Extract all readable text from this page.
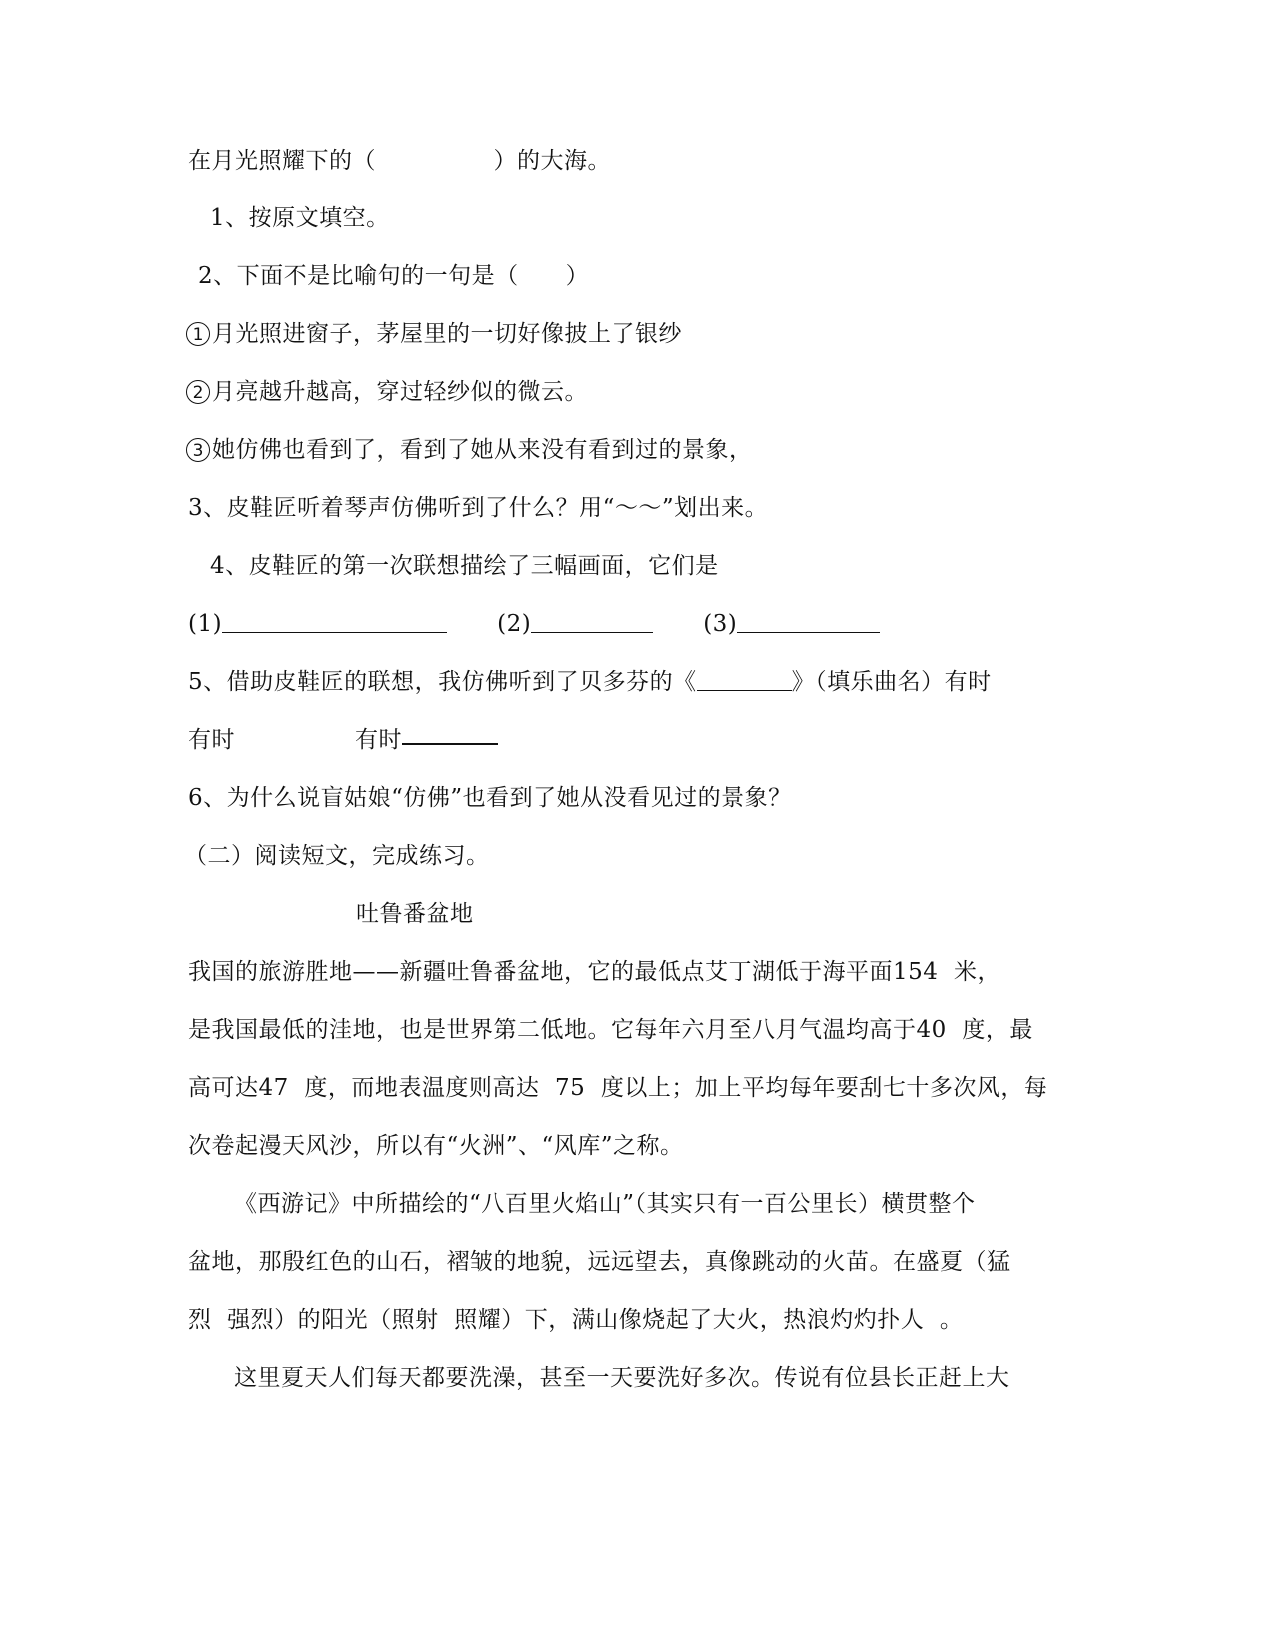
在月光照耀下的（　　　　　）的大海。
1、按原文填空。
2、下面不是比喻句的一句是（　　）
1 月光照进窗子，茅屋里的一切好像披上了银纱
2 月亮越升越高，穿过轻纱似的微云。
3 她仿佛也看到了，看到了她从来没有看到过的景象，
3、皮鞋匠听着琴声仿佛听到了什么？用“～～”划出来。
4、皮鞋匠的第一次联想描绘了三幅画面，它们是
(1)	(2)	(3)
5、借助皮鞋匠的联想，我仿佛听到了贝多芬的《	》（填乐曲名）有时
有时	有时
6、为什么说盲姑娘“仿佛”也看到了她从没看见过的景象？
（二）阅读短文，完成练习。
吐鲁番盆地
我国的旅游胜地——新疆吐鲁番盆地，它的最低点艾丁湖低于海平面154  米，
是我国最低的洼地，也是世界第二低地。它每年六月至八月气温均高于40  度，最
高可达47  度，而地表温度则高达  75  度以上；加上平均每年要刮七十多次风，每
次卷起漫天风沙，所以有“火洲”、“风库”之称。
《西游记》中所描绘的“八百里火焰山”（其实只有一百公里长）横贯整个
盆地，那殷红色的山石，褶皱的地貌，远远望去，真像跳动的火苗。在盛夏（猛
烈  强烈）的阳光（照射  照耀）下，满山像烧起了大火，热浪灼灼扑人  。
这里夏天人们每天都要洗澡，甚至一天要洗好多次。传说有位县长正赶上大
